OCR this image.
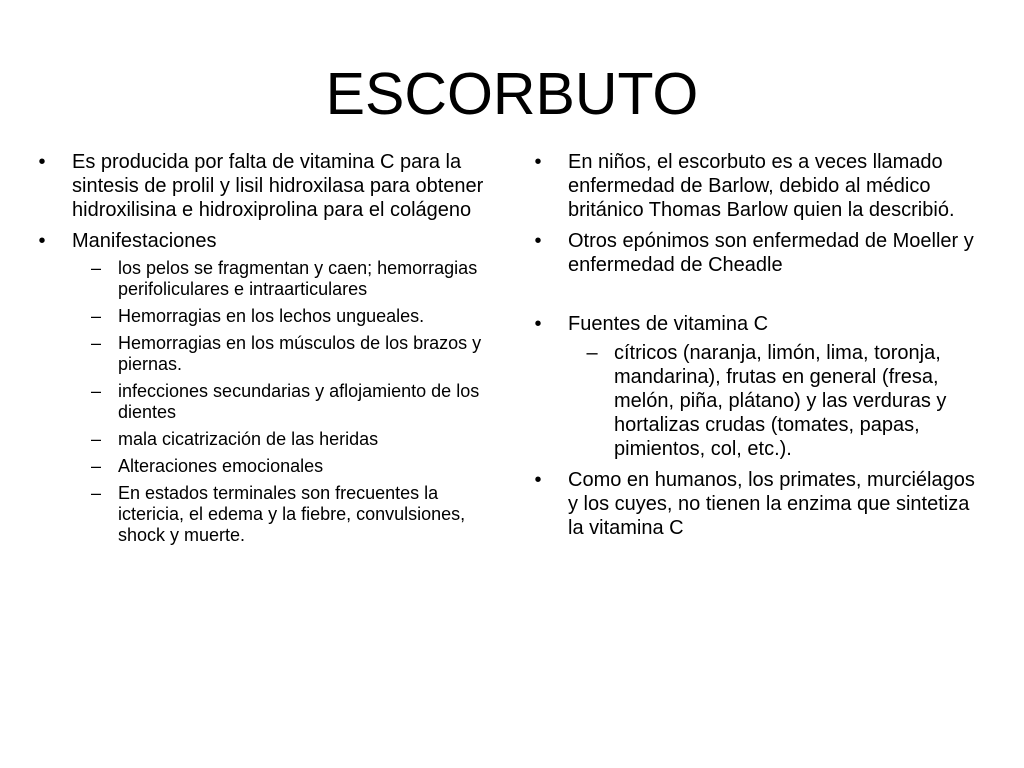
ESCORBUTO
•	Es producida por falta de vitamina C para la sintesis de prolil y lisil hidroxilasa para obtener hidroxilisina e hidroxiprolina para el colágeno
•	Manifestaciones
– los pelos se fragmentan y caen; hemorragias perifoliculares e intraarticulares
– Hemorragias en los lechos ungueales.
– Hemorragias en los músculos de los brazos y piernas.
– infecciones secundarias y aflojamiento de los dientes
– mala cicatrización de las heridas
– Alteraciones emocionales
– En estados terminales son frecuentes la ictericia, el edema y la fiebre, convulsiones, shock y muerte.
•	En niños, el escorbuto es a veces llamado enfermedad de Barlow, debido al médico británico Thomas Barlow quien la describió.
•	Otros epónimos son enfermedad de Moeller y enfermedad de Cheadle
•	Fuentes de vitamina C
– cítricos (naranja, limón, lima, toronja, mandarina), frutas en general (fresa, melón, piña, plátano) y las verduras y hortalizas crudas (tomates, papas, pimientos, col, etc.).
•	Como en humanos, los primates, murciélagos y los cuyes, no tienen la enzima que sintetiza la vitamina C
